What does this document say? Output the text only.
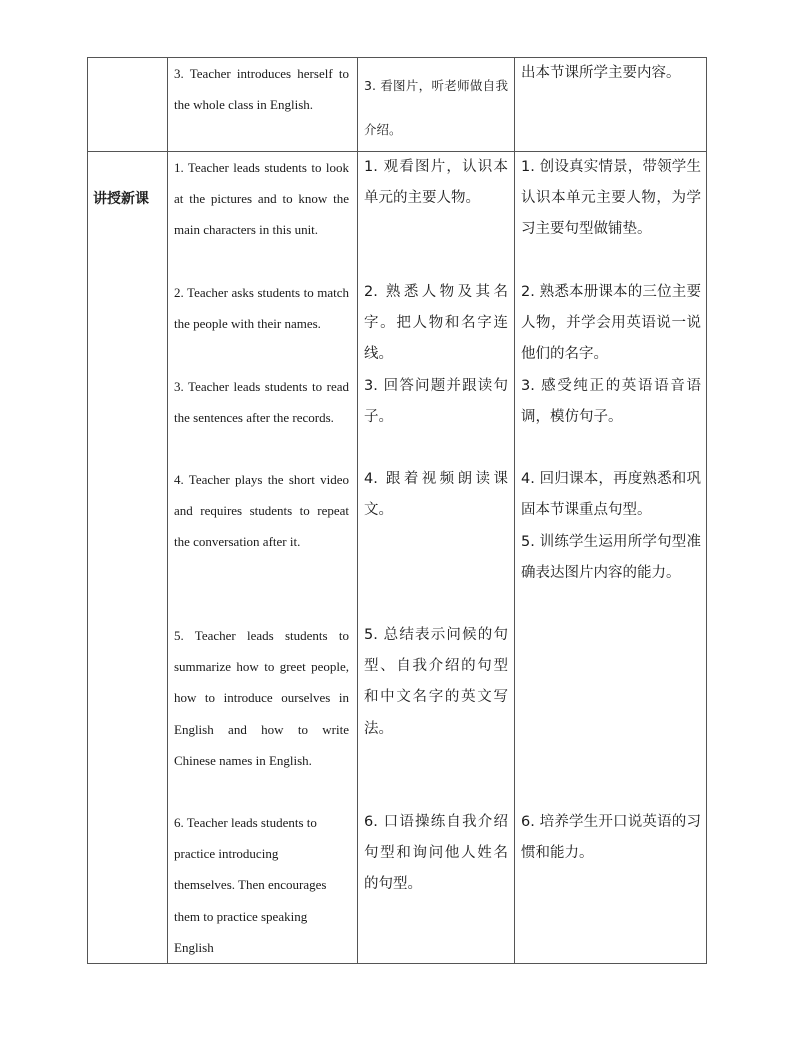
3. Teacher introduces herself to the whole class in English.
3. 看图片，听老师做自我介绍。
出本节课所学主要内容。
讲授新课
1. Teacher leads students to look at the pictures and to know the main characters in this unit.
2. Teacher asks students to match the people with their names.
3. Teacher leads students to read the sentences after the records.
4. Teacher plays the short video and requires students to repeat the conversation after it.
5. Teacher leads students to summarize how to greet people, how to introduce ourselves in English and how to write Chinese names in English.
6. Teacher leads students to practice introducing themselves. Then encourages them to practice speaking English
1. 观看图片，认识本单元的主要人物。
2. 熟悉人物及其名字。把人物和名字连线。
3. 回答问题并跟读句子。
4. 跟着视频朗读课文。
5. 总结表示问候的句型、自我介绍的句型和中文名字的英文写法。
6. 口语操练自我介绍句型和询问他人姓名的句型。
1. 创设真实情景，带领学生认识本单元主要人物，为学习主要句型做铺垫。
2. 熟悉本册课本的三位主要人物，并学会用英语说一说他们的名字。
3. 感受纯正的英语语音语调，模仿句子。
4. 回归课本，再度熟悉和巩固本节课重点句型。
5. 训练学生运用所学句型准确表达图片内容的能力。
6. 培养学生开口说英语的习惯和能力。
